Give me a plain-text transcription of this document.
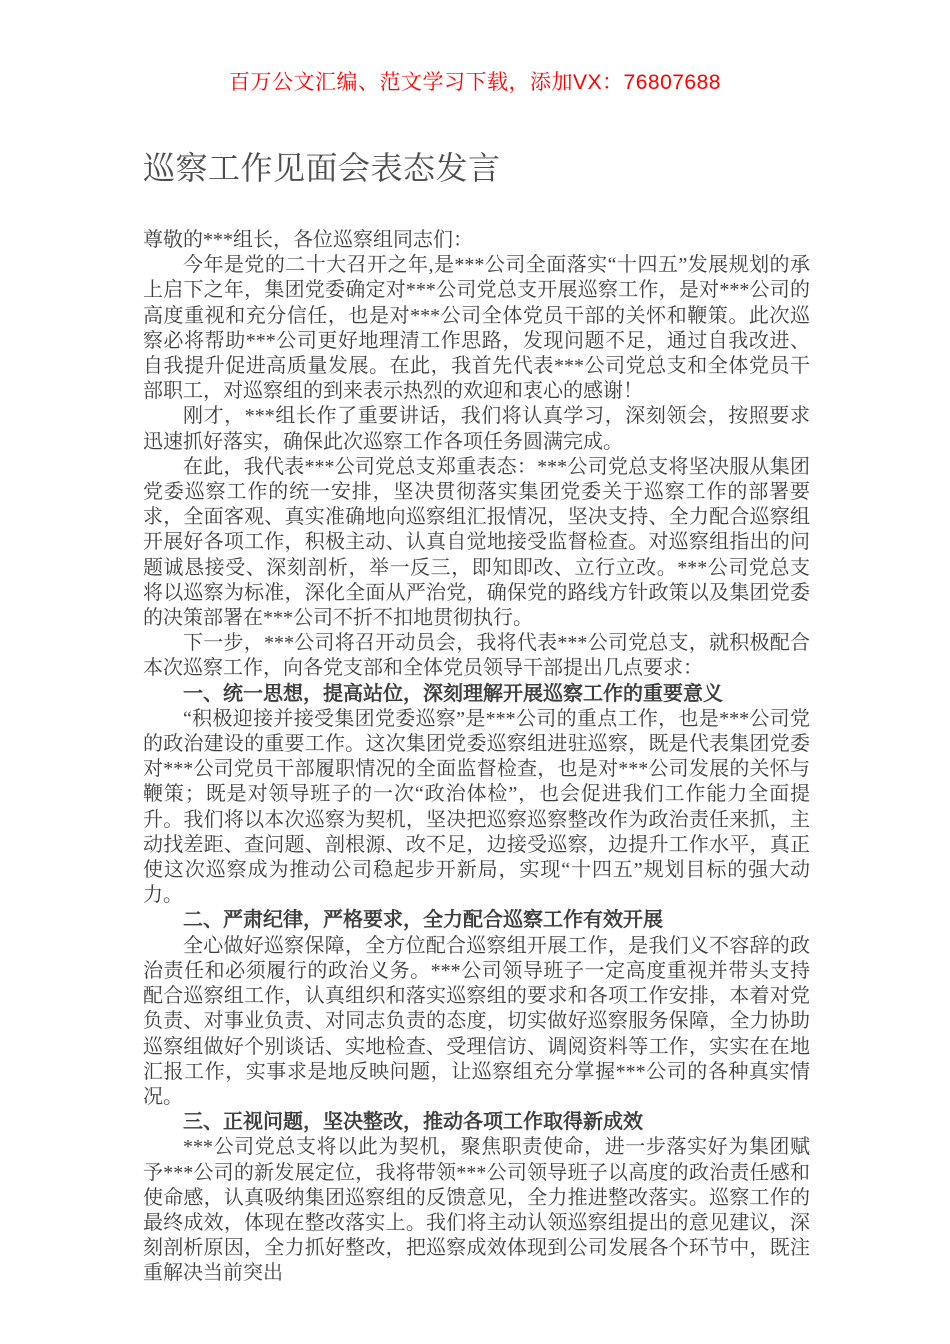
百万公文汇编、范文学习下载，添加VX：76807688
巡察工作见面会表态发言

尊敬的***组长，各位巡察组同志们：

今年是党的二十大召开之年,是***公司全面落实“十四五”发展规划的承上启下之年，集团党委确定对***公司党总支开展巡察工作，是对***公司的高度重视和充分信任，也是对***公司全体党员干部的关怀和鞭策。此次巡察必将帮助***公司更好地理清工作思路，发现问题不足，通过自我改进、自我提升促进高质量发展。在此，我首先代表***公司党总支和全体党员干部职工，对巡察组的到来表示热烈的欢迎和衷心的感谢！

刚才，***组长作了重要讲话，我们将认真学习，深刻领会，按照要求迅速抓好落实，确保此次巡察工作各项任务圆满完成。

在此，我代表***公司党总支郑重表态：***公司党总支将坚决服从集团党委巡察工作的统一安排，坚决贯彻落实集团党委关于巡察工作的部署要求，全面客观、真实准确地向巡察组汇报情况，坚决支持、全力配合巡察组开展好各项工作，积极主动、认真自觉地接受监督检查。对巡察组指出的问题诚恳接受、深刻剖析，举一反三，即知即改、立行立改。***公司党总支将以巡察为标准，深化全面从严治党，确保党的路线方针政策以及集团党委的决策部署在***公司不折不扣地贯彻执行。

下一步，***公司将召开动员会，我将代表***公司党总支，就积极配合本次巡察工作，向各党支部和全体党员领导干部提出几点要求：

一、统一思想，提高站位，深刻理解开展巡察工作的重要意义

“积极迎接并接受集团党委巡察”是***公司的重点工作，也是***公司党的政治建设的重要工作。这次集团党委巡察组进驻巡察，既是代表集团党委对***公司党员干部履职情况的全面监督检查，也是对***公司发展的关怀与鞭策；既是对领导班子的一次“政治体检”，也会促进我们工作能力全面提升。我们将以本次巡察为契机，坚决把巡察巡察整改作为政治责任来抓，主动找差距、查问题、剖根源、改不足，边接受巡察，边提升工作水平，真正使这次巡察成为推动公司稳起步开新局，实现“十四五”规划目标的强大动力。

二、严肃纪律，严格要求，全力配合巡察工作有效开展

全心做好巡察保障，全方位配合巡察组开展工作，是我们义不容辞的政治责任和必须履行的政治义务。***公司领导班子一定高度重视并带头支持配合巡察组工作，认真组织和落实巡察组的要求和各项工作安排，本着对党负责、对事业负责、对同志负责的态度，切实做好巡察服务保障，全力协助巡察组做好个别谈话、实地检查、受理信访、调阅资料等工作，实实在在地汇报工作，实事求是地反映问题，让巡察组充分掌握***公司的各种真实情况。

三、正视问题，坚决整改，推动各项工作取得新成效

***公司党总支将以此为契机，聚焦职责使命，进一步落实好为集团赋予***公司的新发展定位，我将带领***公司领导班子以高度的政治责任感和使命感，认真吸纳集团巡察组的反馈意见，全力推进整改落实。巡察工作的最终成效，体现在整改落实上。我们将主动认领巡察组提出的意见建议，深刻剖析原因，全力抓好整改，把巡察成效体现到公司发展各个环节中，既注重解决当前突出
